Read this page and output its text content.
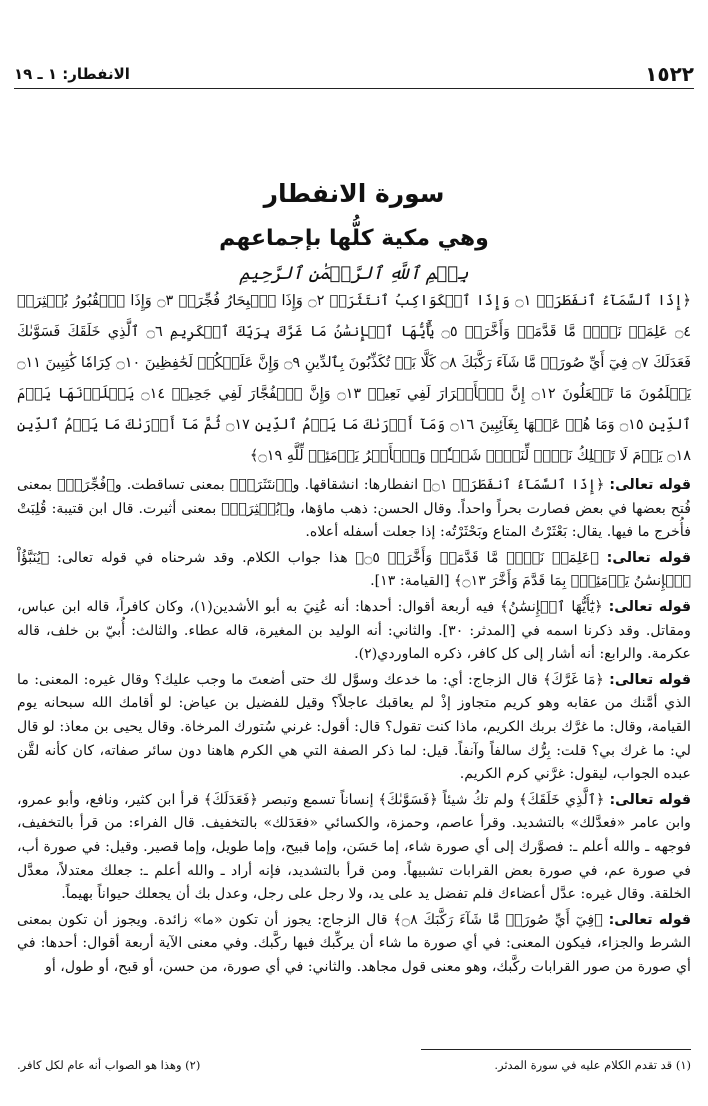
١٥٢٢
الانفطار: ١ ـ ١٩
سورة الانفطار
وهي مكية كلُّها بإجماعهم
بِسۡمِ ٱللَّهِ ٱلرَّحۡمَٰنِ ٱلرَّحِيمِ

﴿إِذَا ٱلسَّمَآءُ ٱنفَطَرَتۡ ۝١ وَإِذَا ٱلۡكَوَاكِبُ ٱنتَثَرَتۡ ۝٢ وَإِذَا ٱلۡبِحَارُ فُجِّرَتۡ ۝٣ وَإِذَا ٱلۡقُبُورُ بُعۡثِرَتۡ ۝٤ عَلِمَتۡ نَفۡسٞ مَّا قَدَّمَتۡ وَأَخَّرَتۡ ۝٥ يَٰٓأَيُّهَا ٱلۡإِنسَٰنُ مَا غَرَّكَ بِرَبِّكَ ٱلۡكَرِيمِ ۝٦ ٱلَّذِي خَلَقَكَ فَسَوَّىٰكَ فَعَدَلَكَ ۝٧ فِيٓ أَيِّ صُورَةٖ مَّا شَآءَ رَكَّبَكَ ۝٨ كَلَّا بَلۡ تُكَذِّبُونَ بِٱلدِّينِ ۝٩ وَإِنَّ عَلَيۡكُمۡ لَحَٰفِظِينَ ۝١٠ كِرَامٗا كَٰتِبِينَ ۝١١ يَعۡلَمُونَ مَا تَفۡعَلُونَ ۝١٢ إِنَّ ٱلۡأَبۡرَارَ لَفِي نَعِيمٖ ۝١٣ وَإِنَّ ٱلۡفُجَّارَ لَفِي جَحِيمٖ ۝١٤ يَصۡلَوۡنَهَا يَوۡمَ ٱلدِّينِ ۝١٥ وَمَا هُمۡ عَنۡهَا بِغَآئِبِينَ ۝١٦ وَمَآ أَدۡرَىٰكَ مَا يَوۡمُ ٱلدِّينِ ۝١٧ ثُمَّ مَآ أَدۡرَىٰكَ مَا يَوۡمُ ٱلدِّينِ ۝١٨ يَوۡمَ لَا تَمۡلِكُ نَفۡسٞ لِّنَفۡسٖ شَيۡـٔٗاۖ وَٱلۡأَمۡرُ يَوۡمَئِذٖ لِّلَّهِ ۝١٩﴾

قوله تعالى: ﴿إِذَا ٱلسَّمَآءُ ٱنفَطَرَتۡ ۝١﴾ انفطارها: انشقاقها. و﴿ٱنتَثَرَتۡ﴾ بمعنى تساقطت. و﴿فُجِّرَتۡ﴾ بمعنى فُتح بعضها في بعض فصارت بحراً واحداً. وقال الحسن: ذهب ماؤها، و﴿بُعۡثِرَتۡ﴾ بمعنى أثيرت. قال ابن قتيبة: قُلِبَتْ فأُخرج ما فيها. يقال: بَعْثَرْتُ المتاع وبَحْثَرْتُه: إذا جعلت أسفله أعلاه.

قوله تعالى: ﴿عَلِمَتۡ نَفۡسٞ مَّا قَدَّمَتۡ وَأَخَّرَتۡ ۝٥﴾ هذا جواب الكلام. وقد شرحناه في قوله تعالى: ﴿يُنَبَّؤُاْ ٱلۡإِنسَٰنُ يَوۡمَئِذِۭ بِمَا قَدَّمَ وَأَخَّرَ ۝١٣﴾ [القيامة: ١٣].

قوله تعالى: ﴿يَٰٓأَيُّهَا ٱلۡإِنسَٰنُ﴾ فيه أربعة أقوال: أحدها: أنه عُنِيَ به أبو الأشدين(١)، وكان كافراً، قاله ابن عباس، ومقاتل. وقد ذكرنا اسمه في [المدثر: ٣٠]. والثاني: أنه الوليد بن المغيرة، قاله عطاء. والثالث: أُبيّ بن خلف، قاله عكرمة. والرابع: أنه أشار إلى كل كافر، ذكره الماوردي(٢).

قوله تعالى: ﴿مَا غَرَّكَ﴾ قال الزجاج: أي: ما خدعك وسوَّل لك حتى أضعتَ ما وجب عليك؟ وقال غيره: المعنى: ما الذي أمَّنك من عقابه وهو كريم متجاوز إذْ لم يعاقبك عاجلاً؟ وقيل للفضيل بن عياض: لو أقامك الله سبحانه يوم القيامة، وقال: ما غرَّك بربك الكريم، ماذا كنت تقول؟ قال: أقول: غرني سُتورك المرخاة. وقال يحيى بن معاذ: لو قال لي: ما غرك بي؟ قلت: بِرُّك سالفاً وآنفاً. قيل: لما ذكر الصفة التي هي الكرم هاهنا دون سائر صفاته، كان كأنه لقَّن عبده الجواب، ليقول: غرَّني كرم الكريم.

قوله تعالى: ﴿ٱلَّذِي خَلَقَكَ﴾ ولم تكُ شيئاً ﴿فَسَوَّىٰكَ﴾ إنساناً تسمع وتبصر ﴿فَعَدَلَكَ﴾ قرأ ابن كثير، ونافع، وأبو عمرو، وابن عامر «فعدَّلك» بالتشديد. وقرأ عاصم، وحمزة، والكسائي «فعَدَلك» بالتخفيف. قال الفراء: من قرأ بالتخفيف، فوجهه ـ والله أعلم ـ: فصوَّرك إلى أي صورة شاء، إما حَسَن، وإما قبيح، وإما طويل، وإما قصير. وقيل: في صورة أب، في صورة عم، في صورة بعض القرابات تشبيهاً. ومن قرأ بالتشديد، فإنه أراد ـ والله أعلم ـ: جعلك معتدلاً، معدَّل الخلقة. وقال غيره: عدَّل أعضاءك فلم تفضل يد على يد، ولا رجل على رجل، وعدل بك أن يجعلك حيواناً بهيماً.

قوله تعالى: ﴿فِيٓ أَيِّ صُورَةٖ مَّا شَآءَ رَكَّبَكَ ۝٨﴾ قال الزجاج: يجوز أن تكون «ما» زائدة. ويجوز أن تكون بمعنى الشرط والجزاء، فيكون المعنى: في أي صورة ما شاء أن يركِّبك فيها ركَّبك. وفي معنى الآية أربعة أقوال: أحدها: في أي صورة من صور القرابات ركَّبك، وهو معنى قول مجاهد. والثاني: في أي صورة، من حسن، أو قبح، أو طول، أو

(١) قد تقدم الكلام عليه في سورة المدثر.
(٢) وهذا هو الصواب أنه عام لكل كافر.
